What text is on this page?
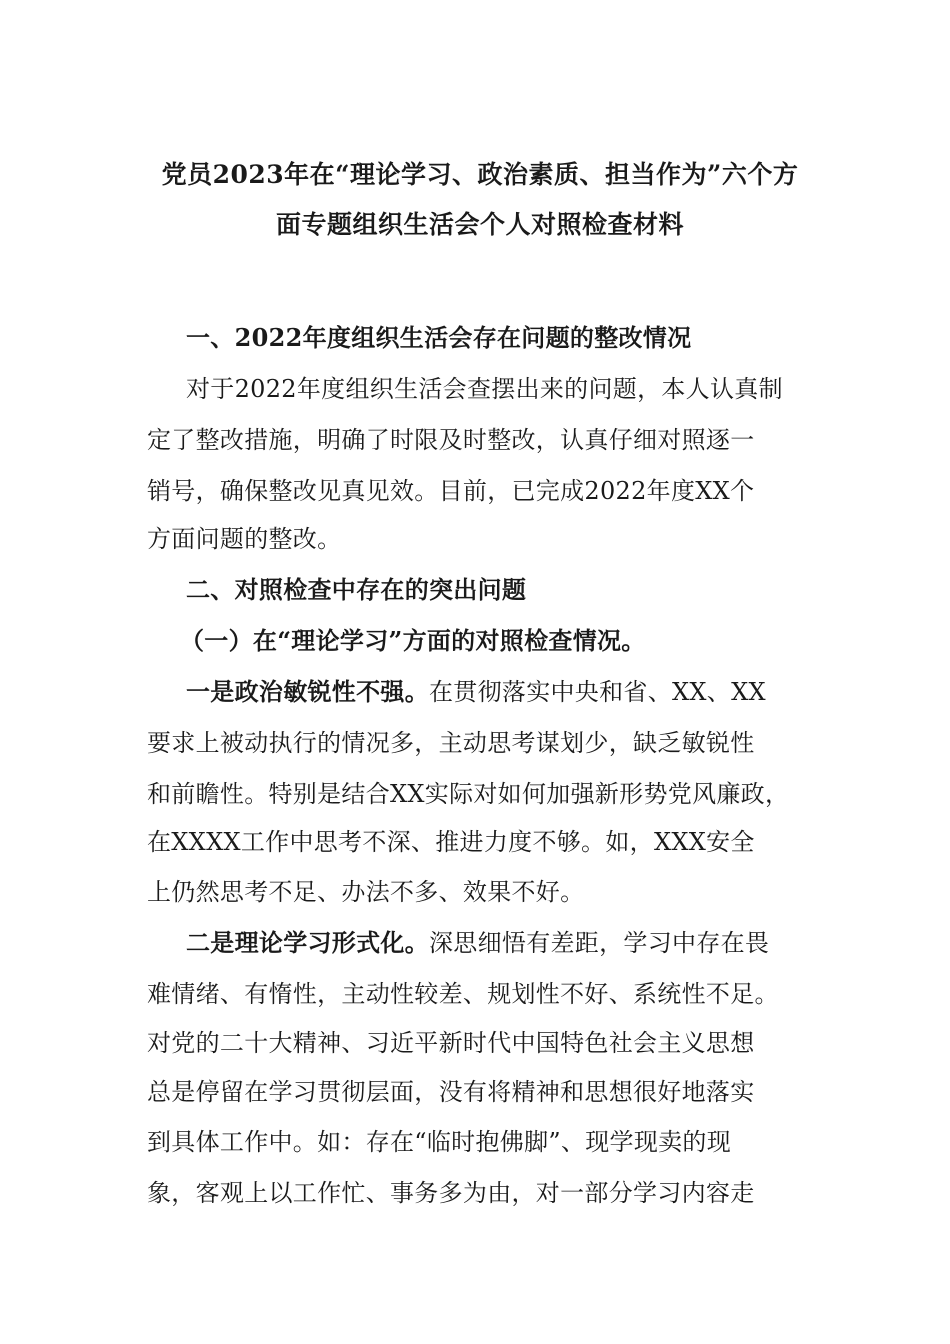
党员2023年在“理论学习、政治素质、担当作为”六个方
面专题组织生活会个人对照检查材料
一、2022年度组织生活会存在问题的整改情况
对于2022年度组织生活会查摆出来的问题，本人认真制
定了整改措施，明确了时限及时整改，认真仔细对照逐一
销号，确保整改见真见效。目前，已完成2022年度XX个
方面问题的整改。
二、对照检查中存在的突出问题
（一）在“理论学习”方面的对照检查情况。
一是政治敏锐性不强。在贯彻落实中央和省、XX、XX
要求上被动执行的情况多，主动思考谋划少，缺乏敏锐性
和前瞻性。特别是结合XX实际对如何加强新形势党风廉政，
在XXXX工作中思考不深、推进力度不够。如，XXX安全
上仍然思考不足、办法不多、效果不好。
二是理论学习形式化。深思细悟有差距，学习中存在畏
难情绪、有惰性，主动性较差、规划性不好、系统性不足。
对党的二十大精神、习近平新时代中国特色社会主义思想
总是停留在学习贯彻层面，没有将精神和思想很好地落实
到具体工作中。如：存在“临时抱佛脚”、现学现卖的现
象，客观上以工作忙、事务多为由，对一部分学习内容走
